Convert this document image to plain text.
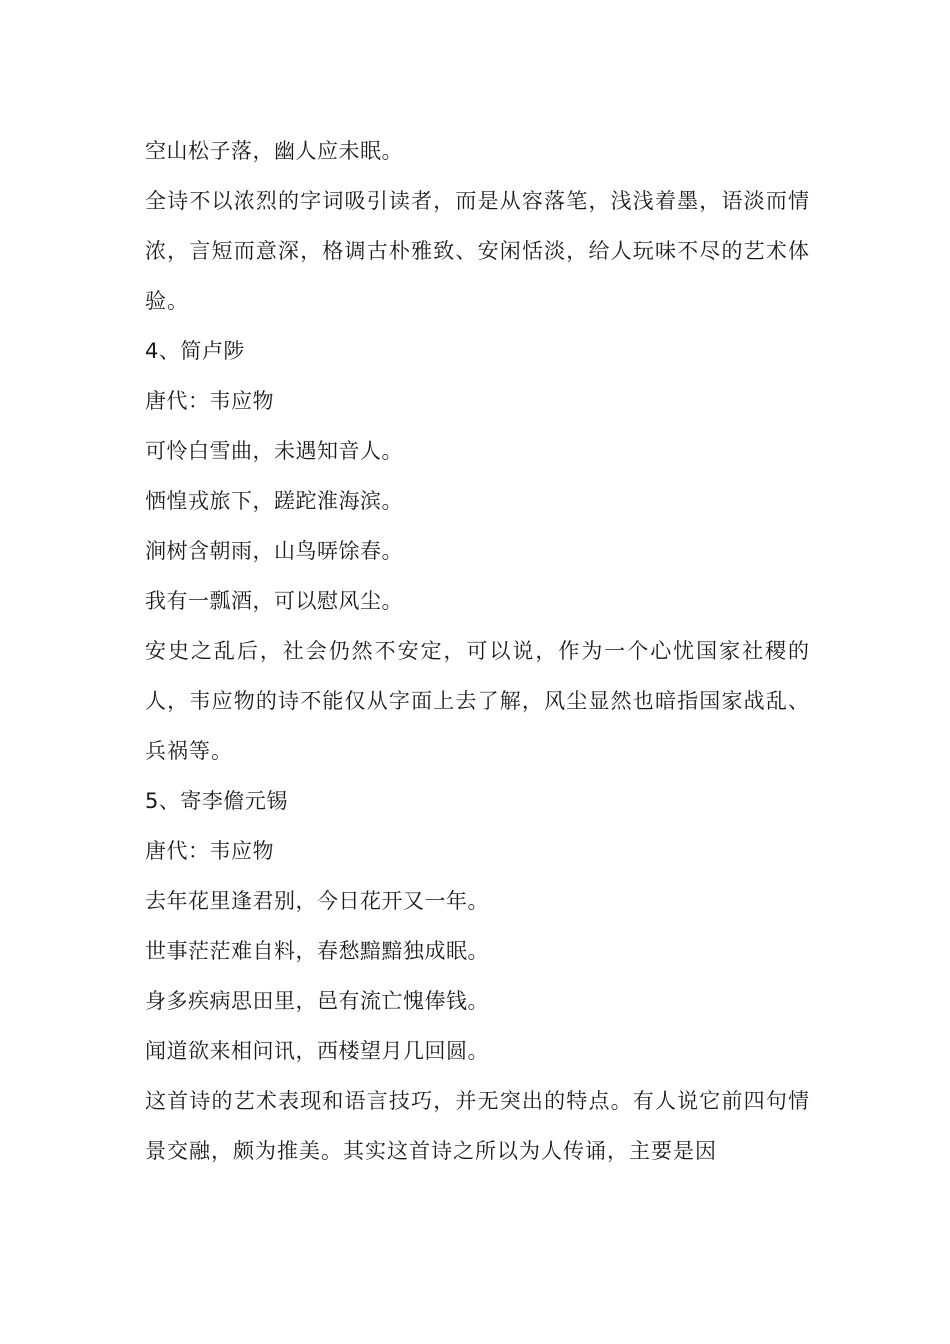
空山松子落，幽人应未眠。

全诗不以浓烈的字词吸引读者，而是从容落笔，浅浅着墨，语淡而情浓，言短而意深，格调古朴雅致、安闲恬淡，给人玩味不尽的艺术体验。

4、简卢陟

唐代：韦应物

可怜白雪曲，未遇知音人。

恓惶戎旅下，蹉跎淮海滨。

涧树含朝雨，山鸟哢馀春。

我有一瓢酒，可以慰风尘。

安史之乱后，社会仍然不安定，可以说，作为一个心忧国家社稷的人，韦应物的诗不能仅从字面上去了解，风尘显然也暗指国家战乱、兵祸等。

5、寄李儋元锡

唐代：韦应物

去年花里逢君别，今日花开又一年。

世事茫茫难自料，春愁黯黯独成眠。

身多疾病思田里，邑有流亡愧俸钱。

闻道欲来相问讯，西楼望月几回圆。

这首诗的艺术表现和语言技巧，并无突出的特点。有人说它前四句情景交融，颇为推美。其实这首诗之所以为人传诵，主要是因
